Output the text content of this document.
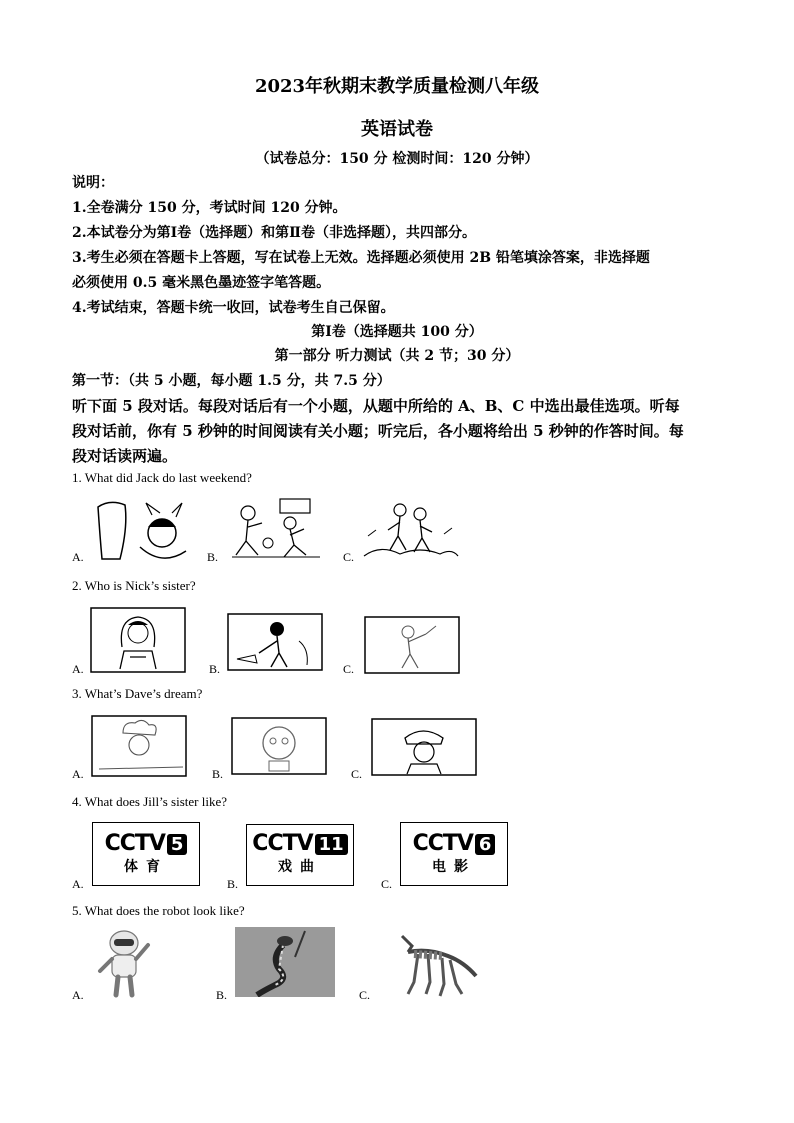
2023年秋期末教学质量检测八年级
英语试卷
（试卷总分：150 分 检测时间：120 分钟）
说明：
1.全卷满分 150 分，考试时间 120 分钟。
2.本试卷分为第Ⅰ卷（选择题）和第Ⅱ卷（非选择题），共四部分。
3.考生必须在答题卡上答题，写在试卷上无效。选择题必须使用 2B 铅笔填涂答案，非选择题
必须使用 0.5 毫米黑色墨迹签字笔答题。
4.考试结束，答题卡统一收回，试卷考生自己保留。
第Ⅰ卷（选择题共 100 分）
第一部分 听力测试（共 2 节；30 分）
第一节：（共 5 小题，每小题 1.5 分，共 7.5 分）
听下面 5 段对话。每段对话后有一个小题，从题中所给的 A、B、C 中选出最佳选项。听每
段对话前，你有 5 秒钟的时间阅读有关小题；听完后，各小题将给出 5 秒钟的作答时间。每
段对话读两遍。
1. What did Jack do last weekend?
A.	B.	C.
2. Who is Nick’s sister?
A.	B.	C.
3. What’s Dave’s dream?
A.	B.	C.
4. What does Jill’s sister like?
A.
CCTV 5
体育
B.
CCTV 11
戏曲
C.
CCTV 6
电影
5. What does the robot look like?
A.	B.	C.
